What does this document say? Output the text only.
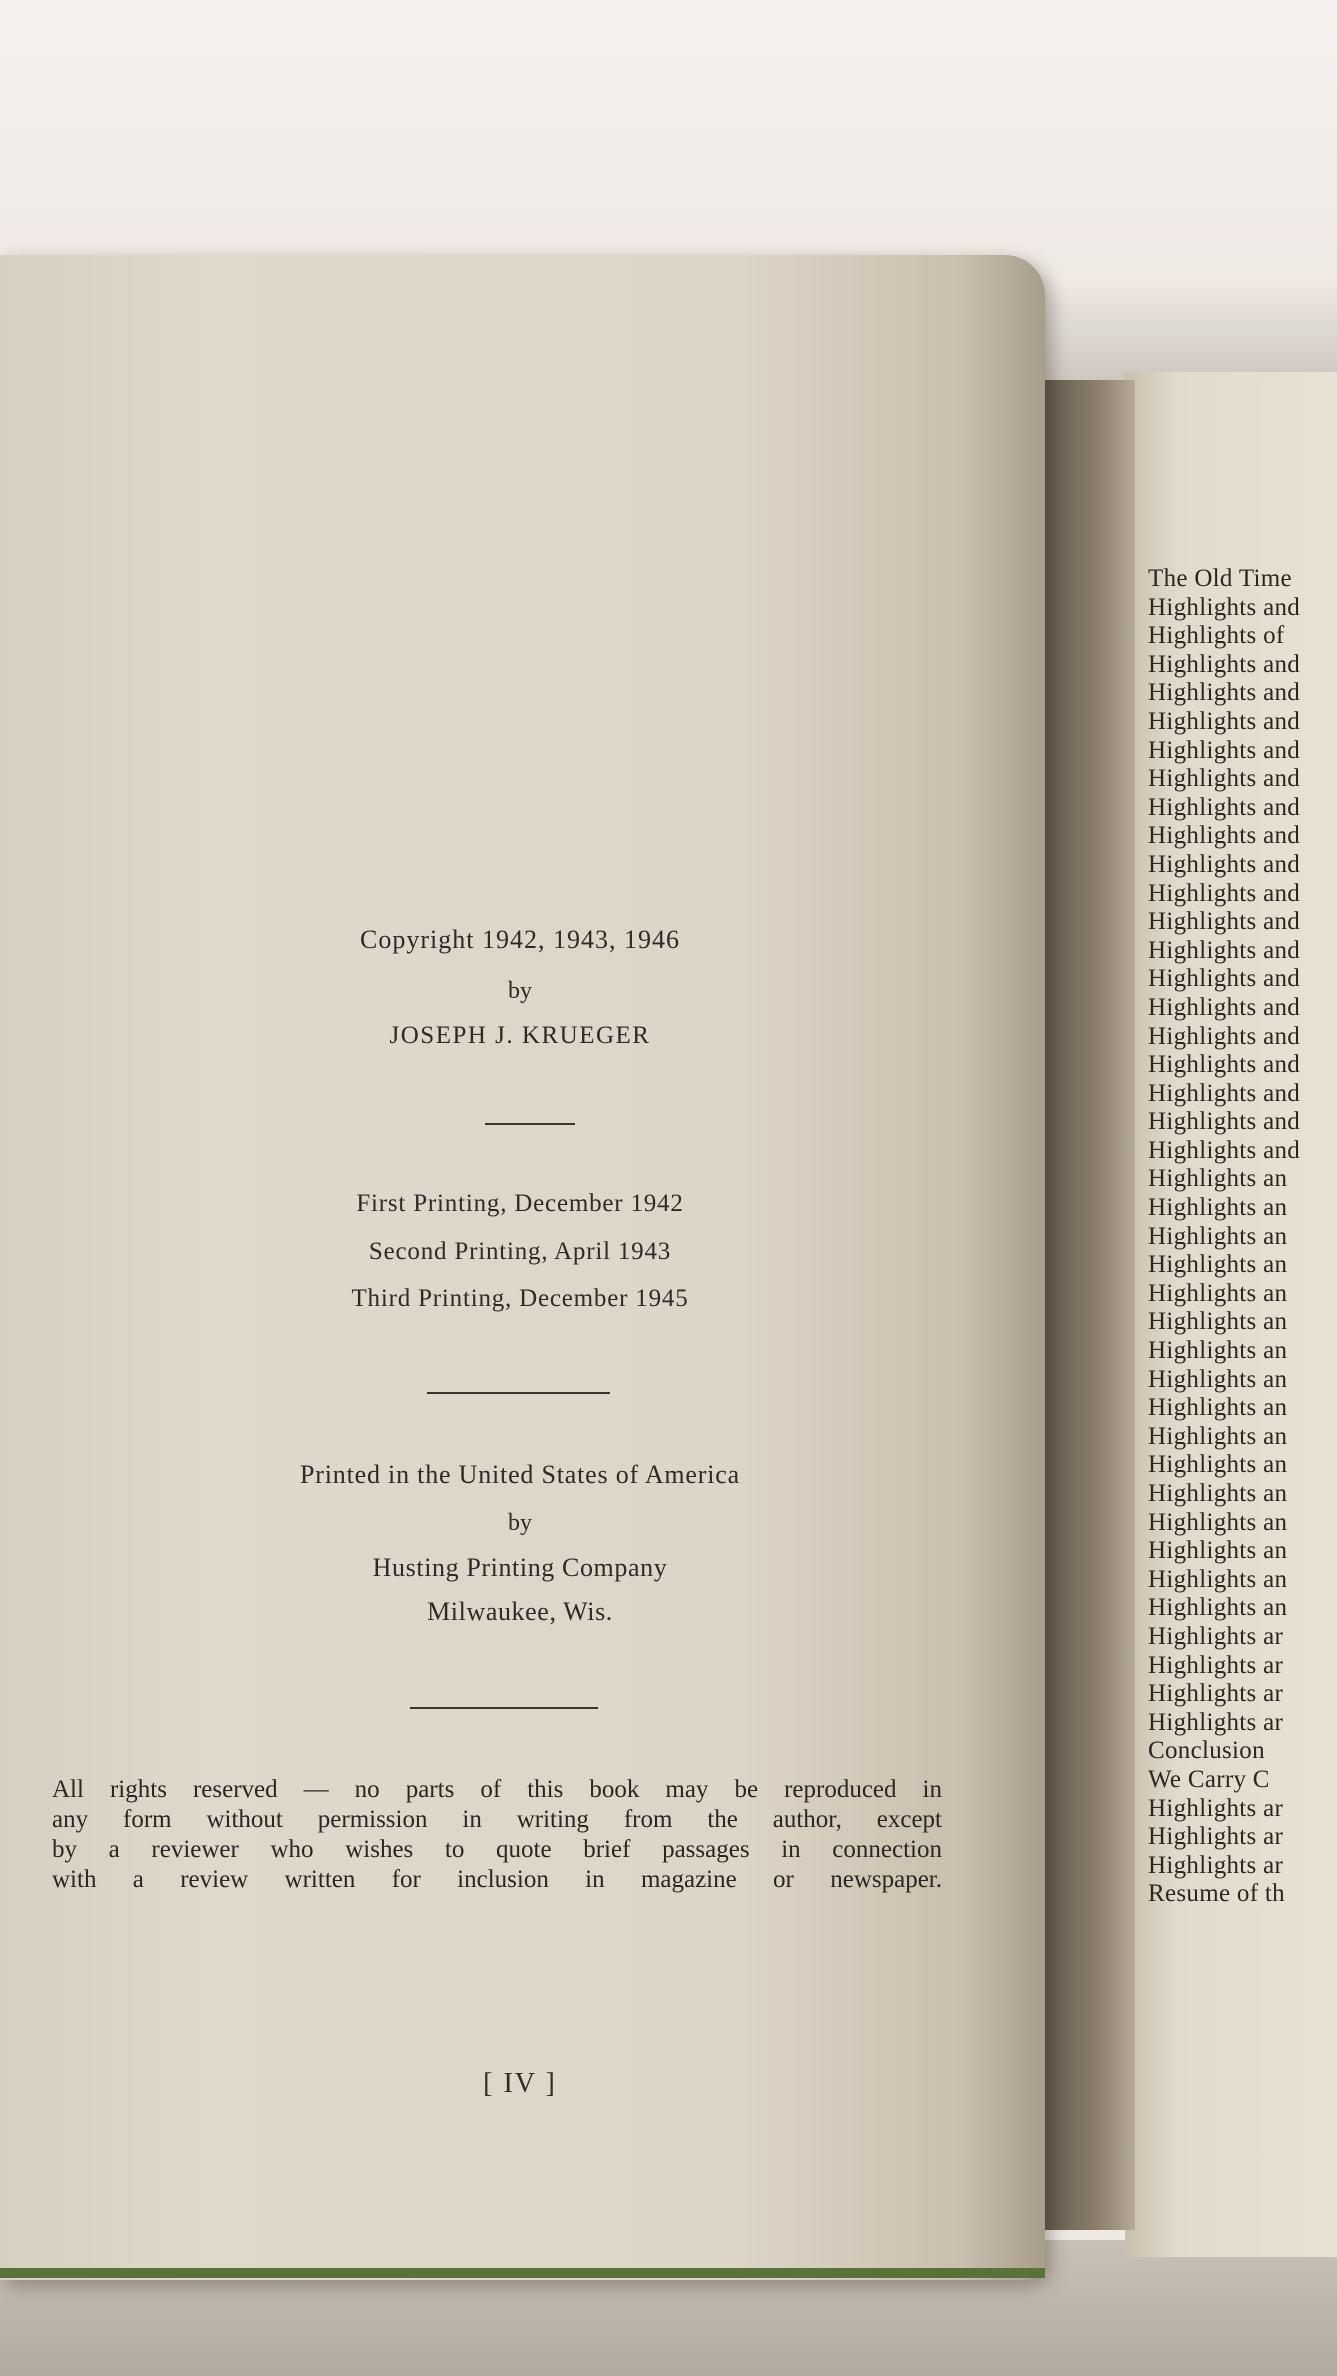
Copyright 1942, 1943, 1946
by
JOSEPH J. KRUEGER
First Printing, December 1942
Second Printing, April 1943
Third Printing, December 1945
Printed in the United States of America
by
Husting Printing Company
Milwaukee, Wis.
All rights reserved — no parts of this book may be reproduced in
any form without permission in writing from the author, except
by a reviewer who wishes to quote brief passages in connection
with a review written for inclusion in magazine or newspaper.
[ IV ]
The Old Time
Highlights and
Highlights of
Highlights and
Highlights and
Highlights and
Highlights and
Highlights and
Highlights and
Highlights and
Highlights and
Highlights and
Highlights and
Highlights and
Highlights and
Highlights and
Highlights and
Highlights and
Highlights and
Highlights and
Highlights and
Highlights an
Highlights an
Highlights an
Highlights an
Highlights an
Highlights an
Highlights an
Highlights an
Highlights an
Highlights an
Highlights an
Highlights an
Highlights an
Highlights an
Highlights an
Highlights an
Highlights ar
Highlights ar
Highlights ar
Highlights ar
Conclusion
We Carry C
Highlights ar
Highlights ar
Highlights ar
Resume of th
